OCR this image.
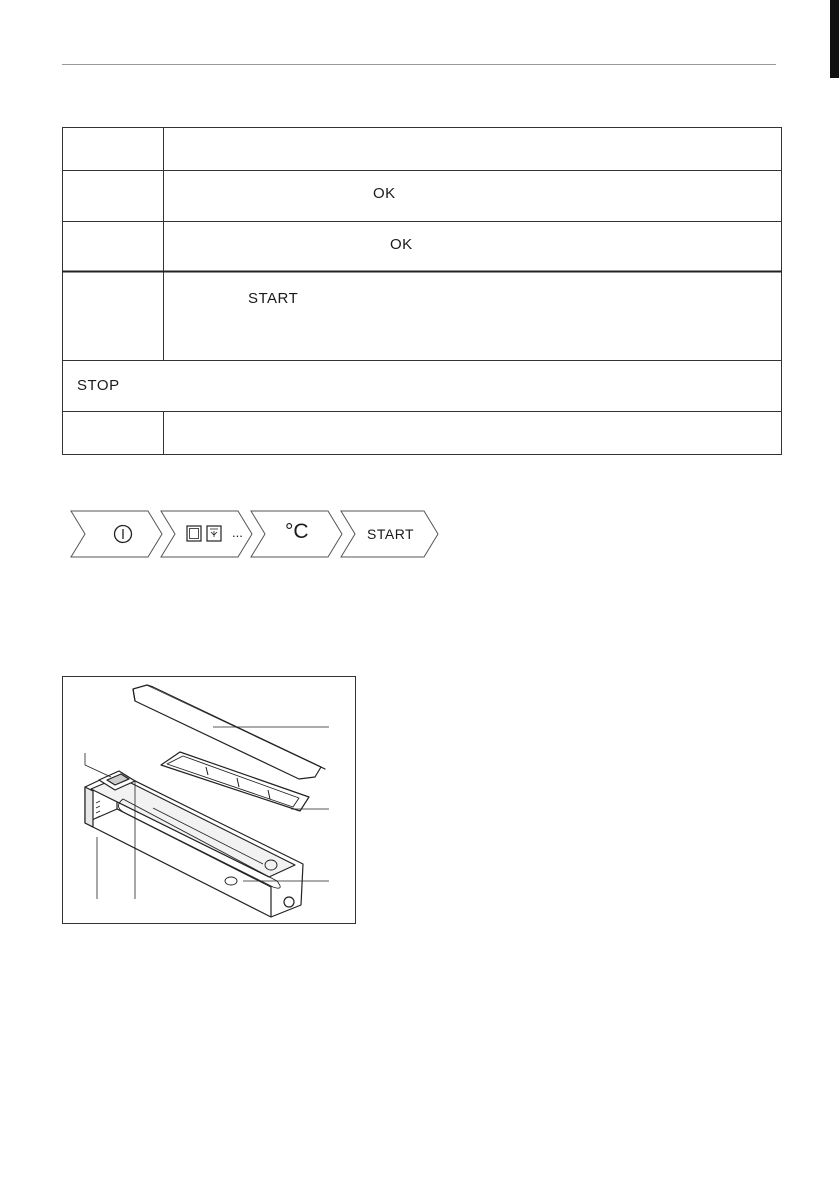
OK
OK
START
STOP
... °C	START
